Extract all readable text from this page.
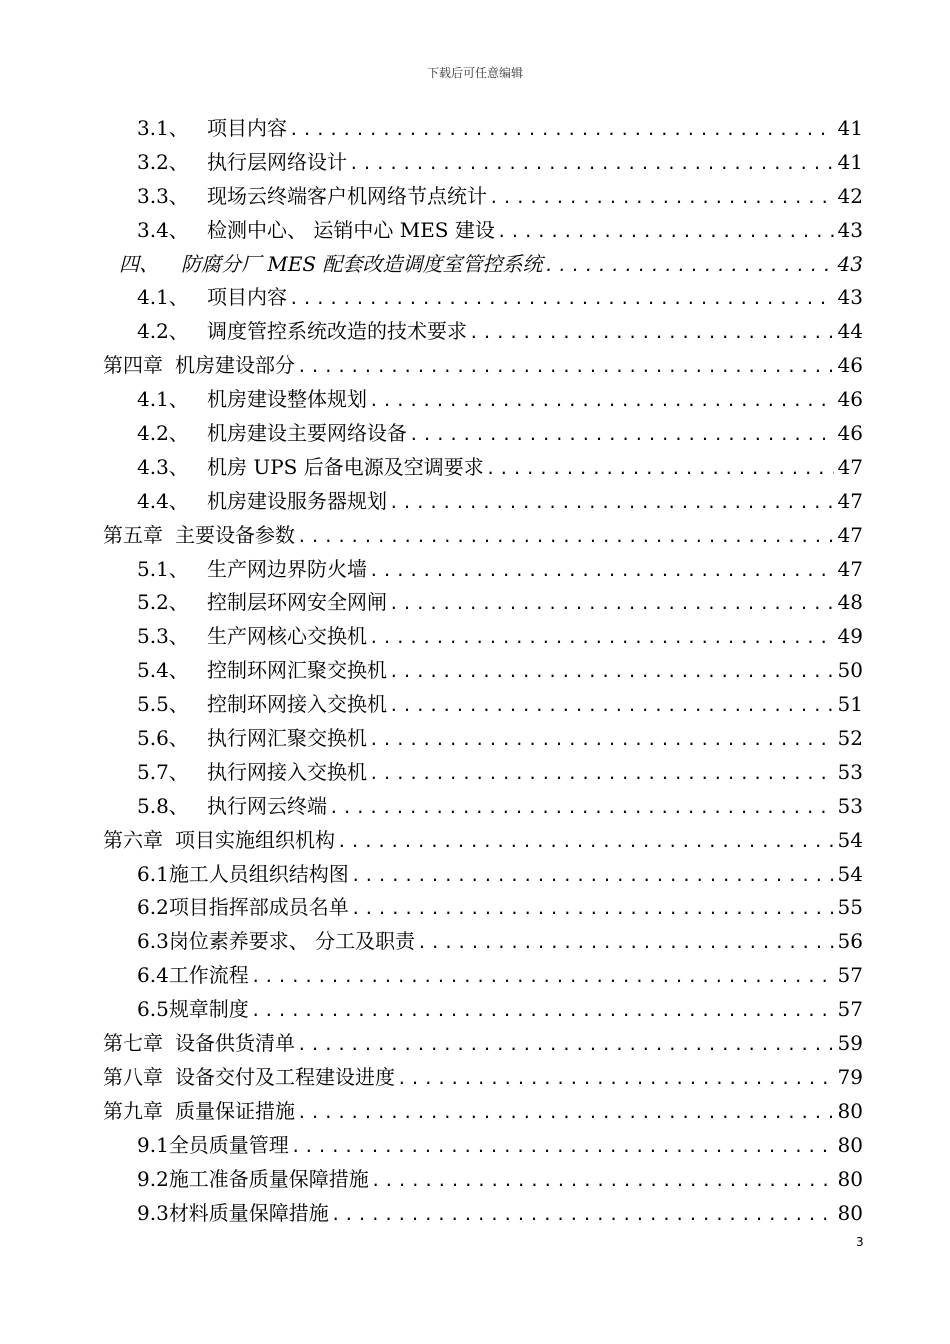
下载后可任意编辑
3.1、 项目内容 .....	41
3.2、 执行层网络设计 .....	41
3.3、 现场云终端客户机网络节点统计 .....	42
3.4、 检测中心、 运销中心 MES 建设 .....	43
四、	防腐分厂 MES 配套改造调度室管控系统 .....	43
4.1、 项目内容 .....	43
4.2、 调度管控系统改造的技术要求 .....	44
第四章 机房建设部分 .....	46
4.1、 机房建设整体规划 .....	46
4.2、 机房建设主要网络设备 .....	46
4.3、 机房 UPS 后备电源及空调要求 .....	47
4.4、 机房建设服务器规划 .....	47
第五章 主要设备参数 .....	47
5.1、 生产网边界防火墙 .....	47
5.2、 控制层环网安全网闸 .....	48
5.3、 生产网核心交换机 .....	49
5.4、 控制环网汇聚交换机 .....	50
5.5、 控制环网接入交换机 .....	51
5.6、 执行网汇聚交换机 .....	52
5.7、 执行网接入交换机 .....	53
5.8、 执行网云终端 .....	53
第六章 项目实施组织机构 .....	54
6.1 施工人员组织结构图 .....	54
6.2 项目指挥部成员名单 .....	55
6.3 岗位素养要求、 分工及职责 .....	56
6.4 工作流程 .....	57
6.5 规章制度 .....	57
第七章 设备供货清单 .....	59
第八章 设备交付及工程建设进度 .....	79
第九章 质量保证措施 .....	80
9.1 全员质量管理 .....	80
9.2 施工准备质量保障措施 .....	80
9.3 材料质量保障措施 .....	80
3
